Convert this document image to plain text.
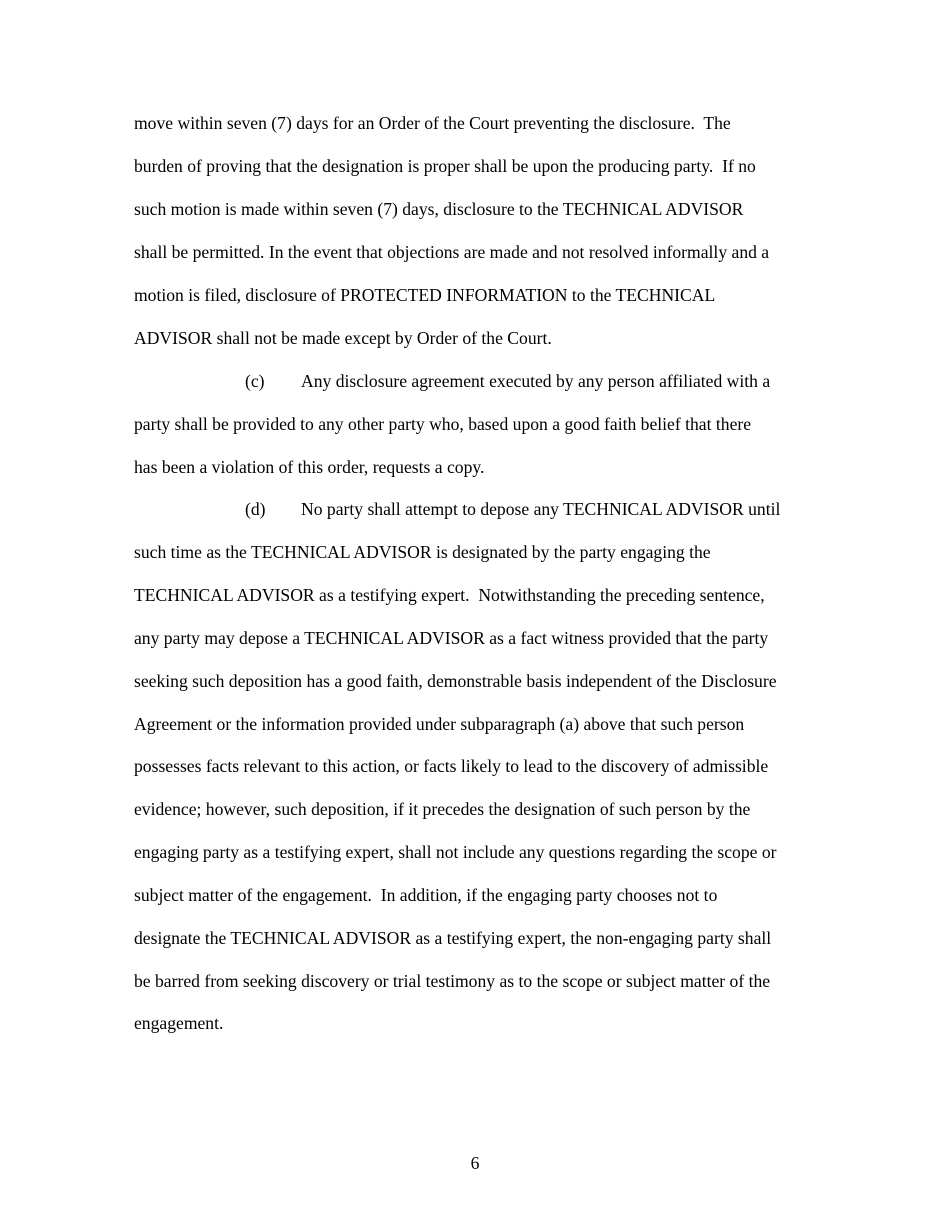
move within seven (7) days for an Order of the Court preventing the disclosure.  The
burden of proving that the designation is proper shall be upon the producing party.  If no
such motion is made within seven (7) days, disclosure to the TECHNICAL ADVISOR
shall be permitted. In the event that objections are made and not resolved informally and a
motion is filed, disclosure of PROTECTED INFORMATION to the TECHNICAL
ADVISOR shall not be made except by Order of the Court.
(c) Any disclosure agreement executed by any person affiliated with a
party shall be provided to any other party who, based upon a good faith belief that there
has been a violation of this order, requests a copy.
(d) No party shall attempt to depose any TECHNICAL ADVISOR until
such time as the TECHNICAL ADVISOR is designated by the party engaging the
TECHNICAL ADVISOR as a testifying expert.  Notwithstanding the preceding sentence,
any party may depose a TECHNICAL ADVISOR as a fact witness provided that the party
seeking such deposition has a good faith, demonstrable basis independent of the Disclosure
Agreement or the information provided under subparagraph (a) above that such person
possesses facts relevant to this action, or facts likely to lead to the discovery of admissible
evidence; however, such deposition, if it precedes the designation of such person by the
engaging party as a testifying expert, shall not include any questions regarding the scope or
subject matter of the engagement.  In addition, if the engaging party chooses not to
designate the TECHNICAL ADVISOR as a testifying expert, the non-engaging party shall
be barred from seeking discovery or trial testimony as to the scope or subject matter of the
engagement.
6
